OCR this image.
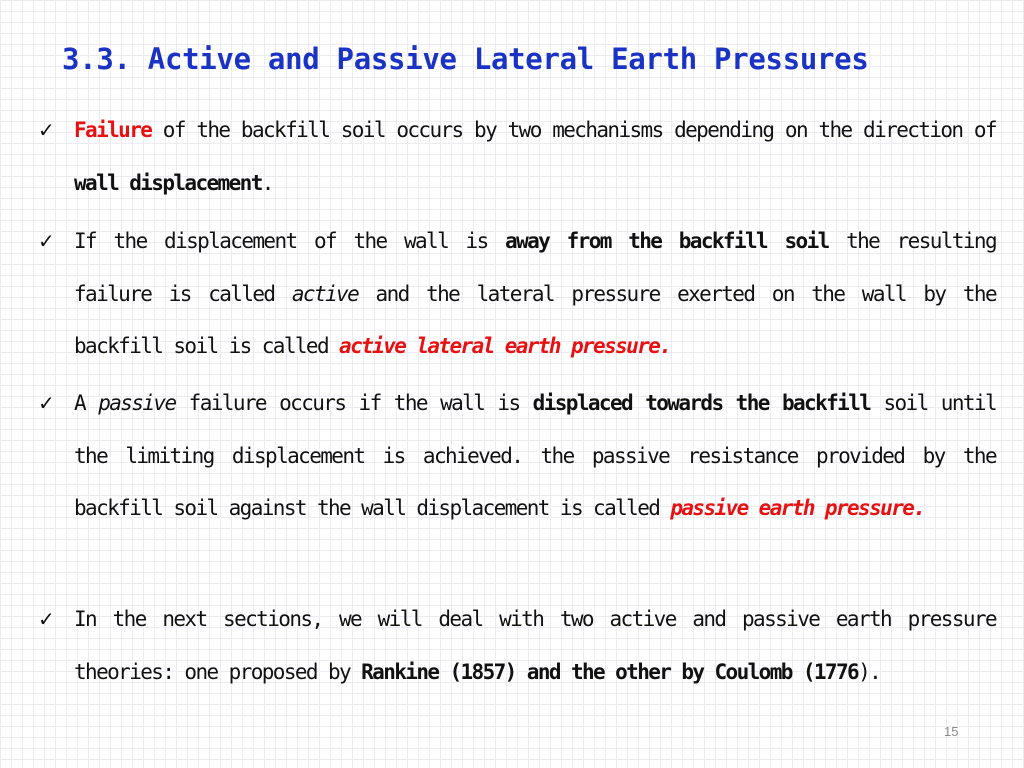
3.3. Active and Passive Lateral Earth Pressures
✓ Failure of the backfill soil occurs by two mechanisms depending on the direction of wall displacement.

✓ If the displacement of the wall is away from the backfill soil the resulting failure is called active and the lateral pressure exerted on the wall by the backfill soil is called active lateral earth pressure.

✓ A passive failure occurs if the wall is displaced towards the backfill soil until the limiting displacement is achieved. the passive resistance provided by the backfill soil against the wall displacement is called passive earth pressure.

✓ In the next sections, we will deal with two active and passive earth pressure theories: one proposed by Rankine (1857) and the other by Coulomb (1776).

15
